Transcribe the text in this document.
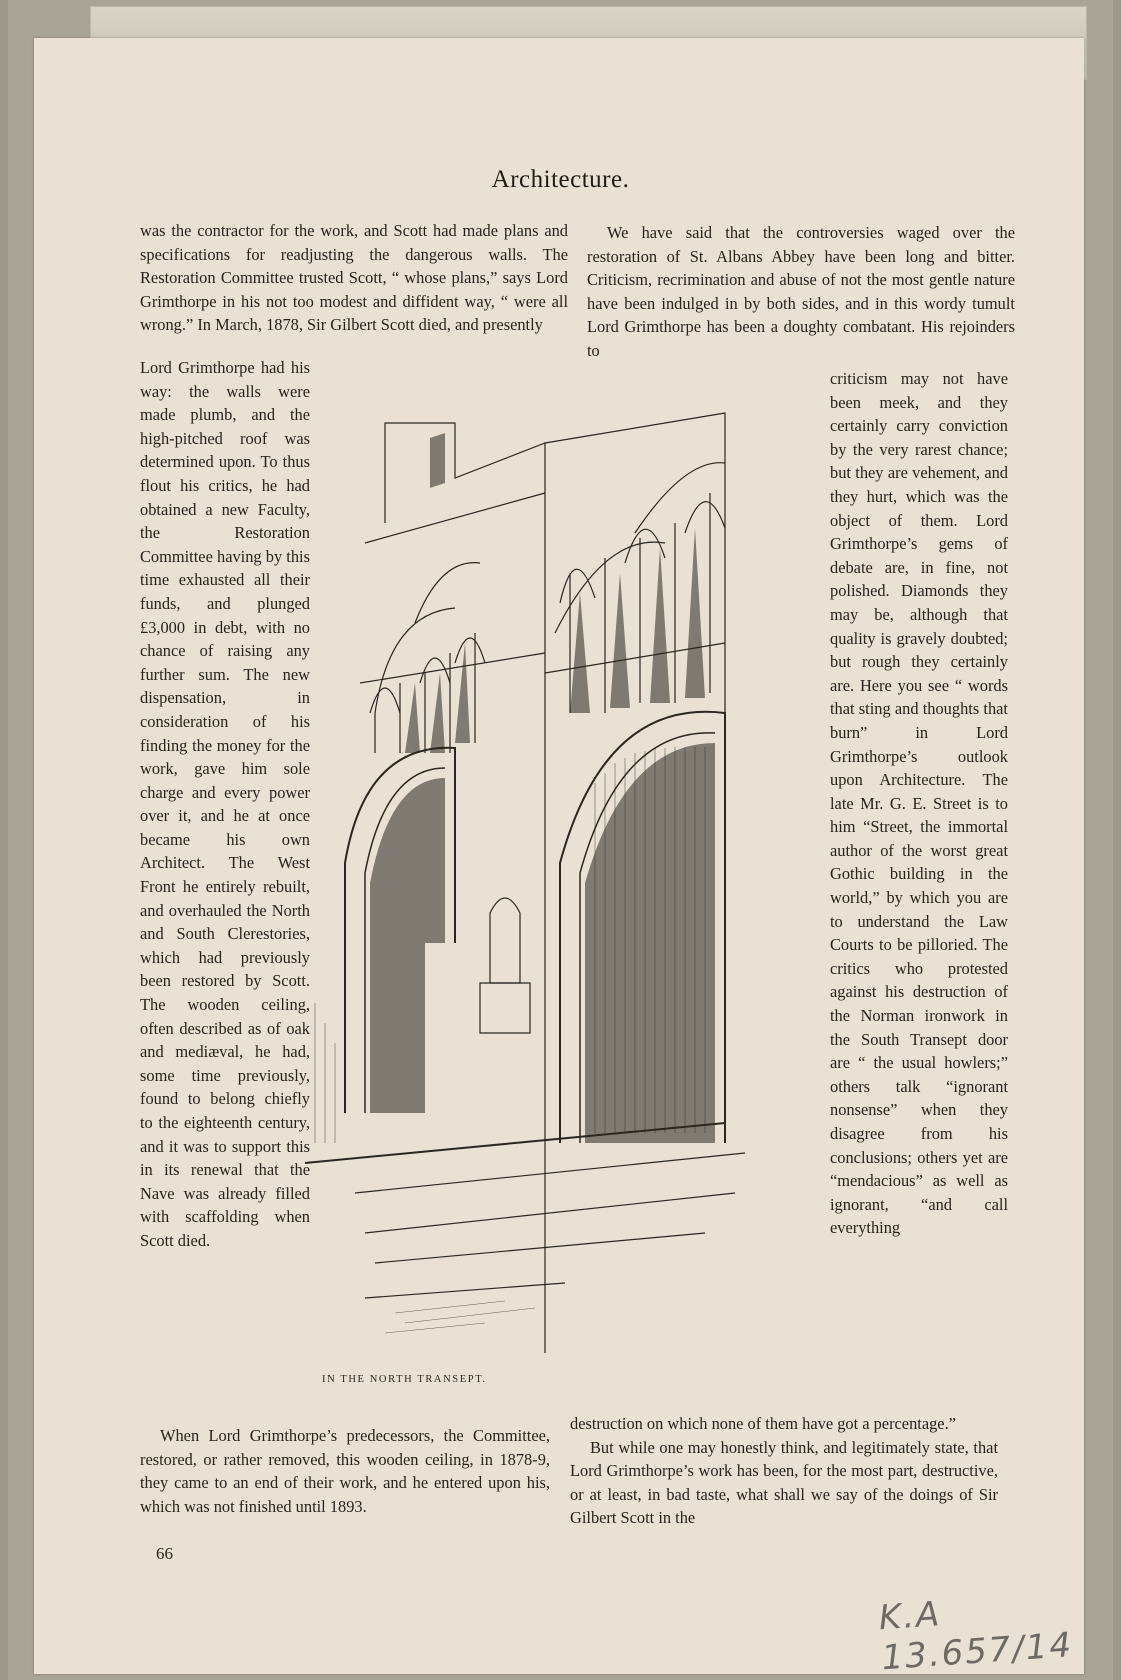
Architecture.

was the contractor for the work, and Scott had made plans and specifications for readjusting the dangerous walls. The Restoration Committee trusted Scott, “ whose plans,” says Lord Grimthorpe in his not too modest and diffident way, “ were all wrong.” In March, 1878, Sir Gilbert Scott died, and presently

Lord Grimthorpe had his way: the walls were made plumb, and the high-pitched roof was determined upon. To thus flout his critics, he had obtained a new Faculty, the Restoration Committee having by this time exhausted all their funds, and plunged £3,000 in debt, with no chance of raising any further sum. The new dispensation, in consideration of his finding the money for the work, gave him sole charge and every power over it, and he at once became his own Architect. The West Front he entirely rebuilt, and overhauled the North and South Clerestories, which had previously been restored by Scott. The wooden ceiling, often described as of oak and mediæval, he had, some time previously, found to belong chiefly to the eighteenth century, and it was to support this in its renewal that the Nave was already filled with scaffolding when Scott died.

When Lord Grimthorpe’s predecessors, the Committee, restored, or rather removed, this wooden ceiling, in 1878-9, they came to an end of their work, and he entered upon his, which was not finished until 1893.

We have said that the controversies waged over the restoration of St. Albans Abbey have been long and bitter. Criticism, recrimination and abuse of not the most gentle nature have been indulged in by both sides, and in this wordy tumult Lord Grimthorpe has been a doughty combatant. His rejoinders to

criticism may not have been meek, and they certainly carry conviction by the very rarest chance; but they are vehement, and they hurt, which was the object of them. Lord Grimthorpe’s gems of debate are, in fine, not polished. Diamonds they may be, although that quality is gravely doubted; but rough they certainly are. Here you see “ words that sting and thoughts that burn” in Lord Grimthorpe’s outlook upon Architecture. The late Mr. G. E. Street is to him “Street, the immortal author of the worst great Gothic building in the world,” by which you are to understand the Law Courts to be pilloried. The critics who protested against his destruction of the Norman ironwork in the South Transept door are “ the usual howlers;” others talk “ignorant nonsense” when they disagree from his conclusions; others yet are “mendacious” as well as ignorant, “and call everything

destruction on which none of them have got a percentage.”

But while one may honestly think, and legitimately state, that Lord Grimthorpe’s work has been, for the most part, destructive, or at least, in bad taste, what shall we say of the doings of Sir Gilbert Scott in the

IN THE NORTH TRANSEPT.
66
K.A 13.657/14
